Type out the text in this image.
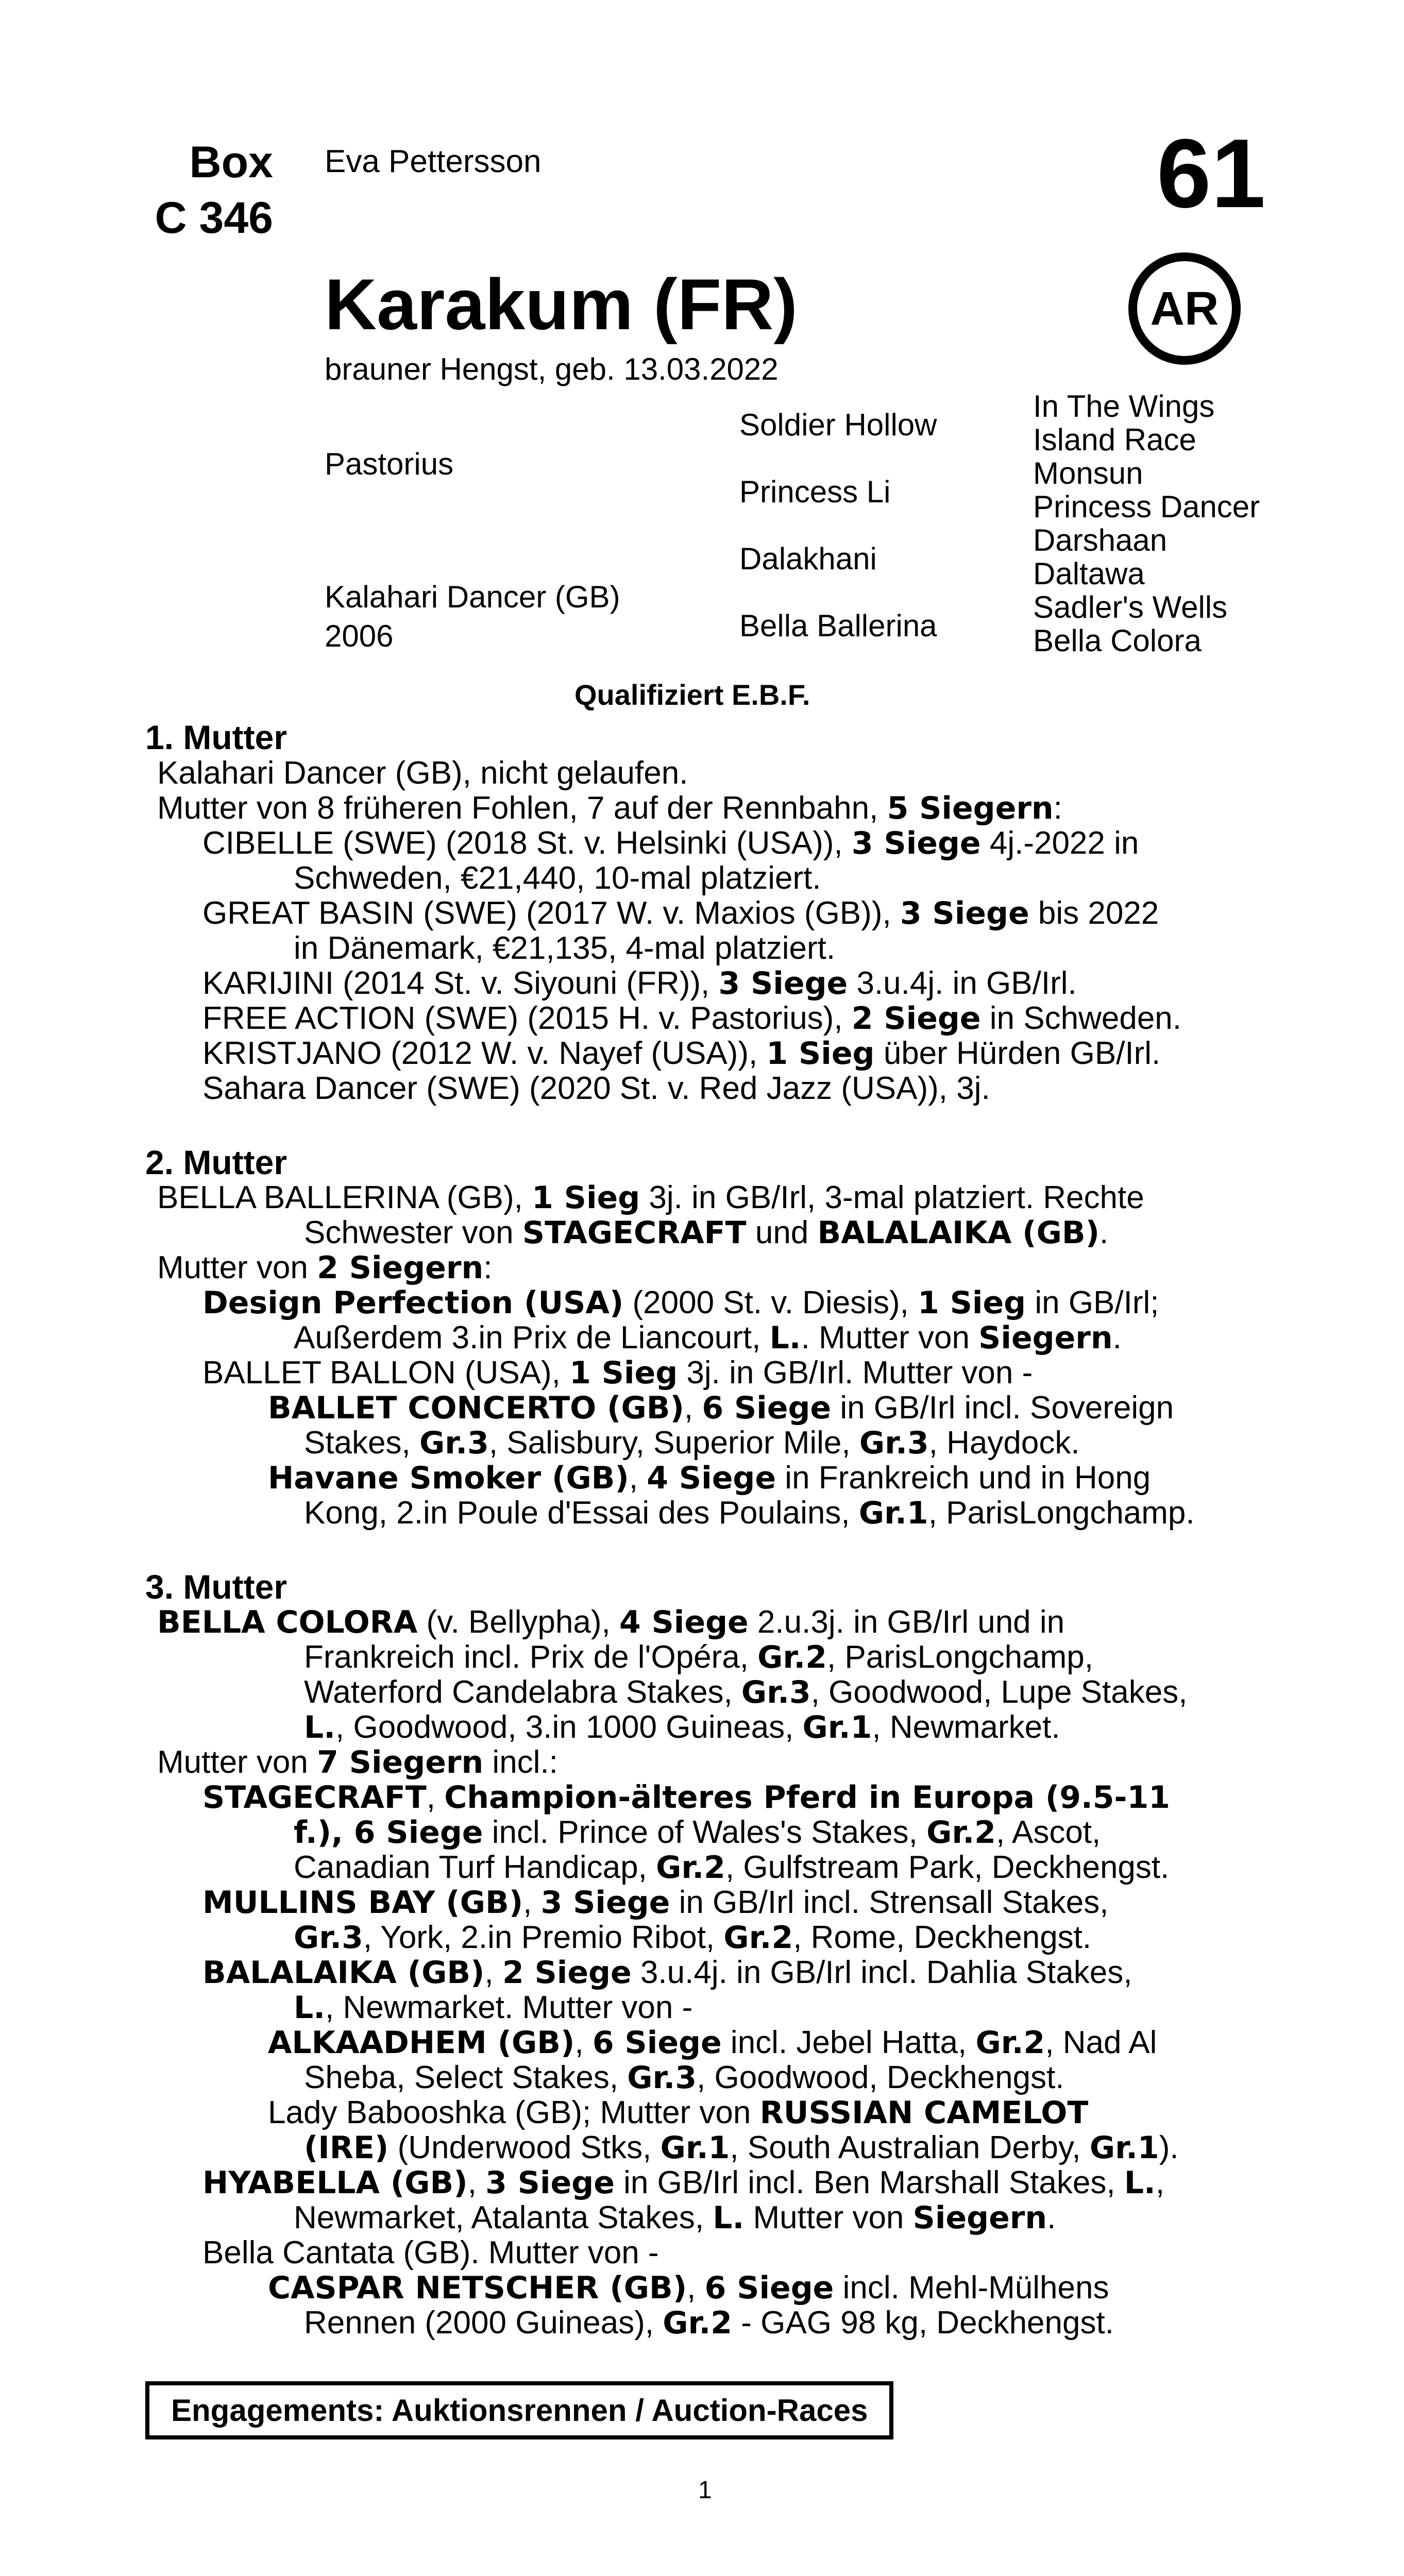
Box
C 346
Eva Pettersson	61
AR
Karakum (FR)
brauner Hengst, geb. 13.03.2022
Pastorius
Kalahari Dancer (GB)
2006
Soldier Hollow
Princess Li
Dalakhani
Bella Ballerina
In The Wings
Island Race
Monsun
Princess Dancer
Darshaan
Daltawa
Sadler's Wells
Bella Colora
Qualifiziert E.B.F.
1. Mutter
2. Mutter
3. Mutter
Kalahari Dancer (GB), nicht gelaufen.
Mutter von 8 früheren Fohlen, 7 auf der Rennbahn, 5 Siegern:
CIBELLE (SWE) (2018 St. v. Helsinki (USA)), 3 Siege 4j.-2022 in
Schweden, €21,440, 10-mal platziert.
GREAT BASIN (SWE) (2017 W. v. Maxios (GB)), 3 Siege bis 2022
in Dänemark, €21,135, 4-mal platziert.
KARIJINI (2014 St. v. Siyouni (FR)), 3 Siege 3.u.4j. in GB/Irl.
FREE ACTION (SWE) (2015 H. v. Pastorius), 2 Siege in Schweden.
KRISTJANO (2012 W. v. Nayef (USA)), 1 Sieg über Hürden GB/Irl.
Sahara Dancer (SWE) (2020 St. v. Red Jazz (USA)), 3j.
BELLA BALLERINA (GB), 1 Sieg 3j. in GB/Irl, 3-mal platziert. Rechte
Schwester von STAGECRAFT und BALALAIKA (GB).
Mutter von 2 Siegern:
Design Perfection (USA) (2000 St. v. Diesis), 1 Sieg in GB/Irl;
Außerdem 3.in Prix de Liancourt, L.. Mutter von Siegern.
BALLET BALLON (USA), 1 Sieg 3j. in GB/Irl. Mutter von -
BALLET CONCERTO (GB), 6 Siege in GB/Irl incl. Sovereign
Stakes, Gr.3, Salisbury, Superior Mile, Gr.3, Haydock.
Havane Smoker (GB), 4 Siege in Frankreich und in Hong
Kong, 2.in Poule d'Essai des Poulains, Gr.1, ParisLongchamp.
BELLA COLORA (v. Bellypha), 4 Siege 2.u.3j. in GB/Irl und in
Frankreich incl. Prix de l'Opéra, Gr.2, ParisLongchamp,
Waterford Candelabra Stakes, Gr.3, Goodwood, Lupe Stakes,
L., Goodwood, 3.in 1000 Guineas, Gr.1, Newmarket.
Mutter von 7 Siegern incl.:
STAGECRAFT, Champion-älteres Pferd in Europa (9.5-11
f.), 6 Siege incl. Prince of Wales's Stakes, Gr.2, Ascot,
Canadian Turf Handicap, Gr.2, Gulfstream Park, Deckhengst.
MULLINS BAY (GB), 3 Siege in GB/Irl incl. Strensall Stakes,
Gr.3, York, 2.in Premio Ribot, Gr.2, Rome, Deckhengst.
BALALAIKA (GB), 2 Siege 3.u.4j. in GB/Irl incl. Dahlia Stakes,
L., Newmarket. Mutter von -
ALKAADHEM (GB), 6 Siege incl. Jebel Hatta, Gr.2, Nad Al
Sheba, Select Stakes, Gr.3, Goodwood, Deckhengst.
Lady Babooshka (GB); Mutter von RUSSIAN CAMELOT
(IRE) (Underwood Stks, Gr.1, South Australian Derby, Gr.1).
HYABELLA (GB), 3 Siege in GB/Irl incl. Ben Marshall Stakes, L.,
Newmarket, Atalanta Stakes, L. Mutter von Siegern.
Bella Cantata (GB). Mutter von -
CASPAR NETSCHER (GB), 6 Siege incl. Mehl-Mülhens
Rennen (2000 Guineas), Gr.2 - GAG 98 kg, Deckhengst.
Engagements: Auktionsrennen / Auction-Races
1
